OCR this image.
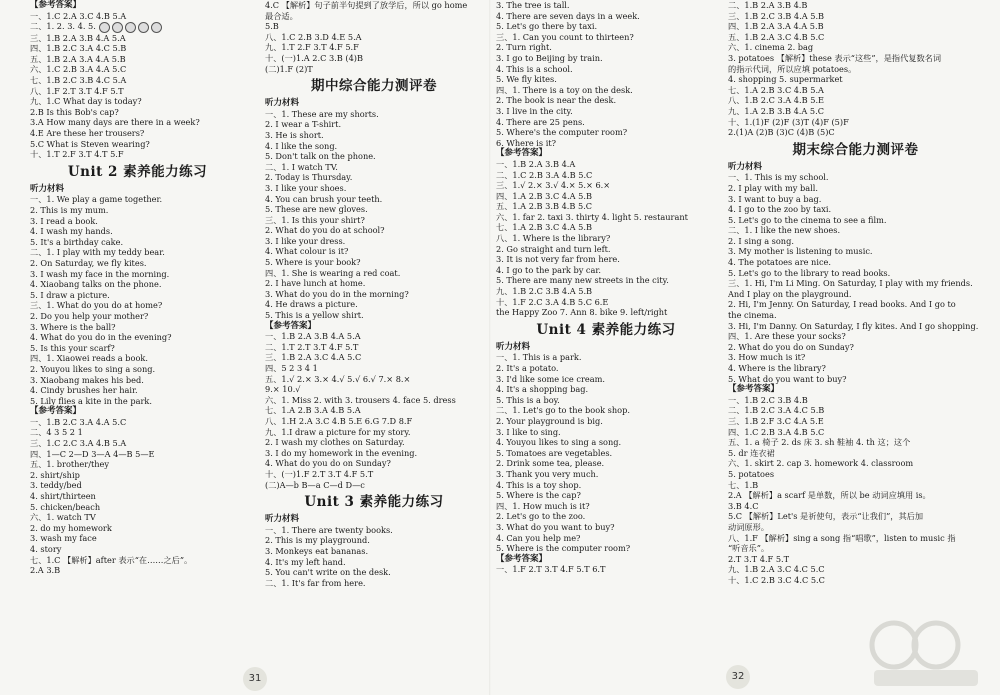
【参考答案】
一、1.C 2.A 3.C 4.B 5.A
二、1. 2. 3. 4. 5.
三、1.B 2.A 3.B 4.A 5.A
四、1.B 2.C 3.A 4.C 5.B
五、1.B 2.A 3.A 4.A 5.B
六、1.C 2.B 3.A 4.A 5.C
七、1.B 2.C 3.B 4.C 5.A
八、1.F 2.T 3.T 4.F 5.T
九、1.C What day is today?
2.B Is this Bob's cap?
3.A How many days are there in a week?
4.E Are these her trousers?
5.C What is Steven wearing?
十、1.T 2.F 3.T 4.T 5.F
Unit 2 素养能力练习
听力材料
一、1. We play a game together.
2. This is my mum.
3. I read a book.
4. I wash my hands.
5. It's a birthday cake.
二、1. I play with my teddy bear.
2. On Saturday, we fly kites.
3. I wash my face in the morning.
4. Xiaobang talks on the phone.
5. I draw a picture.
三、1. What do you do at home?
2. Do you help your mother?
3. Where is the ball?
4. What do you do in the evening?
5. Is this your scarf?
四、1. Xiaowei reads a book.
2. Youyou likes to sing a song.
3. Xiaobang makes his bed.
4. Cindy brushes her hair.
5. Lily flies a kite in the park.
【参考答案】
一、1.B 2.C 3.A 4.A 5.C
二、4 3 5 2 1
三、1.C 2.C 3.A 4.B 5.A
四、1—C 2—D 3—A 4—B 5—E
五、1. brother/they
2. shirt/ship
3. teddy/bed
4. shirt/thirteen
5. chicken/beach
六、1. watch TV
2. do my homework
3. wash my face
4. story
七、1.C 【解析】after 表示“在……之后”。
2.A 3.B
4.C 【解析】句子前半句提到了放学后，所以 go home
最合适。
5.B
八、1.C 2.B 3.D 4.E 5.A
九、1.T 2.F 3.T 4.F 5.F
十、(一)1.A 2.C 3.B (4)B
(二)1.F (2)T
期中综合能力测评卷
听力材料
一、1. These are my shorts.
2. I wear a T-shirt.
3. He is short.
4. I like the song.
5. Don't talk on the phone.
二、1. I watch TV.
2. Today is Thursday.
3. I like your shoes.
4. You can brush your teeth.
5. These are new gloves.
三、1. Is this your shirt?
2. What do you do at school?
3. I like your dress.
4. What colour is it?
5. Where is your book?
四、1. She is wearing a red coat.
2. I have lunch at home.
3. What do you do in the morning?
4. He draws a picture.
5. This is a yellow shirt.
【参考答案】
一、1.B 2.A 3.B 4.A 5.A
二、1.T 2.T 3.T 4.F 5.T
三、1.B 2.A 3.C 4.A 5.C
四、5 2 3 4 1
五、1.√ 2.× 3.× 4.√ 5.√ 6.√ 7.× 8.×
9.× 10.√
六、1. Miss 2. with 3. trousers 4. face 5. dress
七、1.A 2.B 3.A 4.B 5.A
八、1.H 2.A 3.C 4.B 5.E 6.G 7.D 8.F
九、1.I draw a picture for my story.
2. I wash my clothes on Saturday.
3. I do my homework in the evening.
4. What do you do on Sunday?
十、(一)1.F 2.T 3.T 4.F 5.T
(二)A—b B—a C—d D—c
Unit 3 素养能力练习
听力材料
一、1. There are twenty books.
2. This is my playground.
3. Monkeys eat bananas.
4. It's my left hand.
5. You can't write on the desk.
二、1. It's far from here.
3. The tree is tall.
4. There are seven days in a week.
5. Let's go there by taxi.
三、1. Can you count to thirteen?
2. Turn right.
3. I go to Beijing by train.
4. This is a school.
5. We fly kites.
四、1. There is a toy on the desk.
2. The book is near the desk.
3. I live in the city.
4. There are 25 pens.
5. Where's the computer room?
6. Where is it?
【参考答案】
一、1.B 2.A 3.B 4.A
二、1.C 2.B 3.A 4.B 5.C
三、1.√ 2.× 3.√ 4.× 5.× 6.×
四、1.A 2.B 3.C 4.A 5.B
五、1.A 2.B 3.B 4.B 5.C
六、1. far 2. taxi 3. thirty 4. light 5. restaurant
七、1.A 2.B 3.C 4.A 5.B
八、1. Where is the library?
2. Go straight and turn left.
3. It is not very far from here.
4. I go to the park by car.
5. There are many new streets in the city.
九、1.B 2.C 3.B 4.A 5.B
十、1.F 2.C 3.A 4.B 5.C 6.E
the Happy Zoo 7. Ann 8. bike 9. left/right
Unit 4 素养能力练习
听力材料
一、1. This is a park.
2. It's a potato.
3. I'd like some ice cream.
4. It's a shopping bag.
5. This is a boy.
二、1. Let's go to the book shop.
2. Your playground is big.
3. I like to sing.
4. Youyou likes to sing a song.
5. Tomatoes are vegetables.
2. Drink some tea, please.
3. Thank you very much.
4. This is a toy shop.
5. Where is the cap?
四、1. How much is it?
2. Let's go to the zoo.
3. What do you want to buy?
4. Can you help me?
5. Where is the computer room?
【参考答案】
一、1.F 2.T 3.T 4.F 5.T 6.T
二、1.B 2.A 3.B 4.B
三、1.B 2.C 3.B 4.A 5.B
四、1.B 2.A 3.A 4.A 5.B
五、1.B 2.A 3.C 4.B 5.C
六、1. cinema 2. bag
3. potatoes 【解析】these 表示“这些”，是指代复数名词
的指示代词，所以应填 potatoes。
4. shopping 5. supermarket
七、1.A 2.B 3.C 4.B 5.A
八、1.B 2.C 3.A 4.B 5.E
九、1.A 2.B 3.B 4.A 5.C
十、1.(1)F (2)F (3)T (4)F (5)F
2.(1)A (2)B (3)C (4)B (5)C
期末综合能力测评卷
听力材料
一、1. This is my school.
2. I play with my ball.
3. I want to buy a bag.
4. I go to the zoo by taxi.
5. Let's go to the cinema to see a film.
二、1. I like the new shoes.
2. I sing a song.
3. My mother is listening to music.
4. The potatoes are nice.
5. Let's go to the library to read books.
三、1. Hi, I'm Li Ming. On Saturday, I play with my friends.
And I play on the playground.
2. Hi, I'm Jenny. On Saturday, I read books. And I go to
the cinema.
3. Hi, I'm Danny. On Saturday, I fly kites. And I go shopping.
四、1. Are these your socks?
2. What do you do on Sunday?
3. How much is it?
4. Where is the library?
5. What do you want to buy?
【参考答案】
一、1.B 2.C 3.B 4.B
二、1.B 2.C 3.A 4.C 5.B
三、1.B 2.F 3.C 4.A 5.E
四、1.C 2.B 3.A 4.B 5.C
五、1. a 椅子 2. ds 床 3. sh 鞋袖 4. th 这；这个
5. dr 连衣裙
六、1. skirt 2. cap 3. homework 4. classroom
5. potatoes
七、1.B
2.A 【解析】a scarf 是单数，所以 be 动词应填用 is。
3.B 4.C
5.C 【解析】Let's 是祈使句，表示“让我们”，其后加
动词原形。
八、1.F 【解析】sing a song 指“唱歌”，listen to music 指
“听音乐”。
2.T 3.T 4.F 5.T
九、1.B 2.A 3.C 4.C 5.C
十、1.C 2.B 3.C 4.C 5.C
31	32
